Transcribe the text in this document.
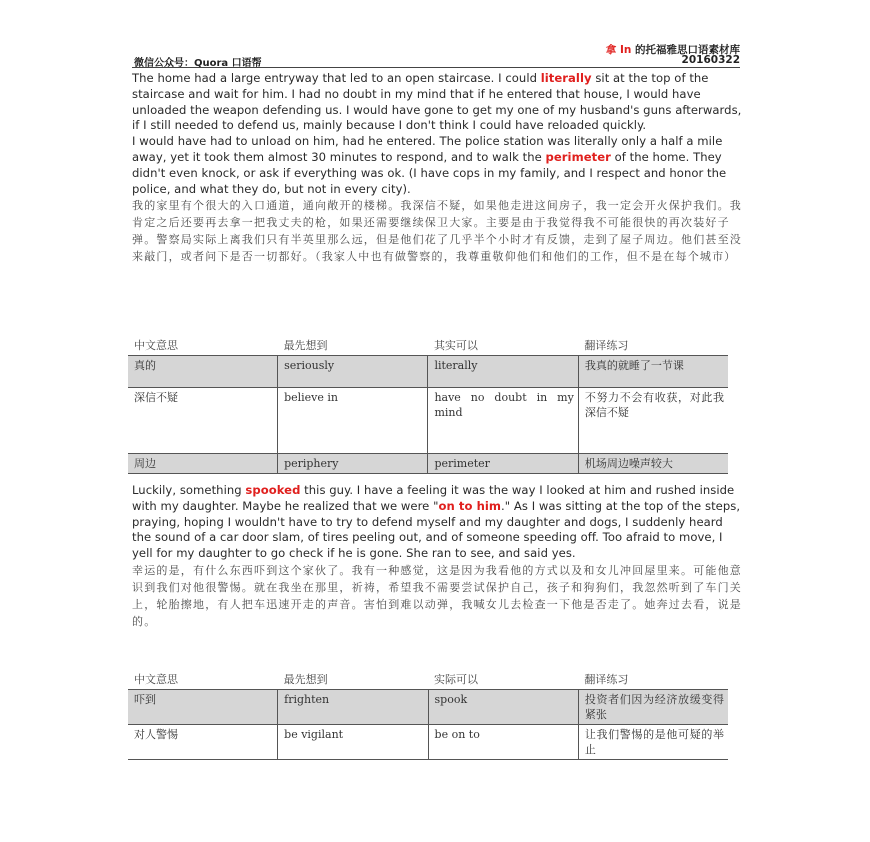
拿 In 的托福雅思口语素材库
微信公众号：Quora 口语帮	20160322

The home had a large entryway that led to an open staircase. I could literally sit at the top of the staircase and wait for him. I had no doubt in my mind that if he entered that house, I would have unloaded the weapon defending us. I would have gone to get my one of my husband's guns afterwards, if I still needed to defend us, mainly because I don't think I could have reloaded quickly.

I would have had to unload on him, had he entered. The police station was literally only a half a mile away, yet it took them almost 30 minutes to respond, and to walk the perimeter of the home. They didn't even knock, or ask if everything was ok. (I have cops in my family, and I respect and honor the police, and what they do, but not in every city).

我的家里有个很大的入口通道，通向敞开的楼梯。我深信不疑，如果他走进这间房子，我一定会开火保护我们。我肯定之后还要再去拿一把我丈夫的枪，如果还需要继续保卫大家。主要是由于我觉得我不可能很快的再次装好子弹。警察局实际上离我们只有半英里那么远，但是他们花了几乎半个小时才有反馈，走到了屋子周边。他们甚至没来敲门，或者问下是否一切都好。（我家人中也有做警察的，我尊重敬仰他们和他们的工作，但不是在每个城市）

中文意思	最先想到	其实可以	翻译练习
真的	seriously	literally	我真的就睡了一节课
深信不疑	believe in	have no doubt in my mind	不努力不会有收获，对此我深信不疑
周边	periphery	perimeter	机场周边噪声较大

Luckily, something spooked this guy. I have a feeling it was the way I looked at him and rushed inside with my daughter. Maybe he realized that we were "on to him." As I was sitting at the top of the steps, praying, hoping I wouldn't have to try to defend myself and my daughter and dogs, I suddenly heard the sound of a car door slam, of tires peeling out, and of someone speeding off. Too afraid to move, I yell for my daughter to go check if he is gone. She ran to see, and said yes.

幸运的是，有什么东西吓到这个家伙了。我有一种感觉，这是因为我看他的方式以及和女儿冲回屋里来。可能他意识到我们对他很警惕。就在我坐在那里，祈祷，希望我不需要尝试保护自己，孩子和狗狗们，我忽然听到了车门关上，轮胎擦地，有人把车迅速开走的声音。害怕到难以动弹，我喊女儿去检查一下他是否走了。她奔过去看，说是的。

中文意思	最先想到	实际可以	翻译练习
吓到	frighten	spook	投资者们因为经济放缓变得紧张
对人警惕	be vigilant	be on to	让我们警惕的是他可疑的举止
